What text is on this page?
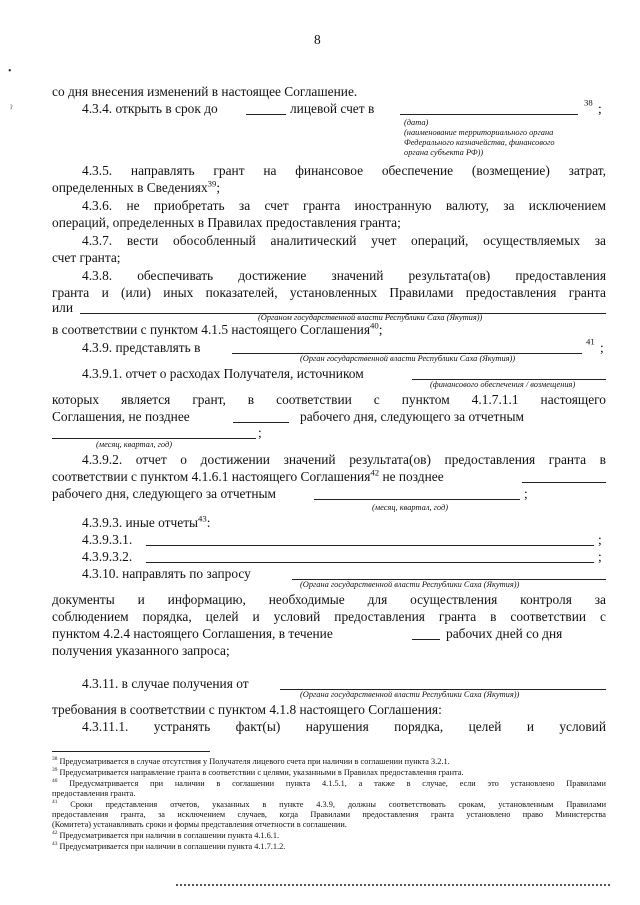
8
•
ˀ
со дня внесения изменений в настоящее Соглашение.
4.3.4. открыть в срок до	лицевой счет в	$^{38}$ ;
(дата)
(наименование территориального органа
Федерального казначейства, финансового
органа субъекта РФ))
4.3.5. направлять грант на финансовое обеспечение (возмещение) затрат,
определенных в Сведениях$^{39}$;
4.3.6. не приобретать за счет гранта иностранную валюту, за исключением
операций, определенных в Правилах предоставления гранта;
4.3.7. вести обособленный аналитический учет операций, осуществляемых за
счет гранта;
4.3.8. обеспечивать достижение значений результата(ов) предоставления
гранта и (или) иных показателей, установленных Правилами предоставления гранта
или
(Органом государственной власти Республики Саха (Якутия))
в соответствии с пунктом 4.1.5 настоящего Соглашения$^{40}$;
4.3.9. представлять в	$^{41}$ ;
(Орган государственной власти Республики Саха (Якутия))
4.3.9.1. отчет о расходах Получателя, источником
(финансового обеспечения / возмещения)
которых является грант, в соответствии с пунктом 4.1.7.1.1 настоящего
Соглашения, не позднее	рабочего дня, следующего за отчетным
;
(месяц, квартал, год)
4.3.9.2. отчет о достижении значений результата(ов) предоставления гранта в
соответствии с пунктом 4.1.6.1 настоящего Соглашения$^{42}$ не позднее
рабочего дня, следующего за отчетным	;
(месяц, квартал, год)
4.3.9.3. иные отчеты$^{43}$:
4.3.9.3.1.	;
4.3.9.3.2.	;
4.3.10. направлять по запросу
(Органа государственной власти Республики Саха (Якутия))
документы и информацию, необходимые для осуществления контроля за
соблюдением порядка, целей и условий предоставления гранта в соответствии с
пунктом 4.2.4 настоящего Соглашения, в течение	рабочих дней со дня
получения указанного запроса;
4.3.11. в случае получения от
(Органа государственной власти Республики Саха (Якутия))
требования в соответствии с пунктом 4.1.8 настоящего Соглашения:
4.3.11.1. устранять факт(ы) нарушения порядка, целей и условий
$^{38}$ Предусматривается в случае отсутствия у Получателя лицевого счета при наличии в соглашении пункта 3.2.1.
$^{39}$ Предусматривается направление гранта в соответствии с целями, указанными в Правилах предоставления гранта.
$^{40}$ Предусматривается при наличии в соглашении пункта 4.1.5.1, а также в случае, если это установлено Правилами
предоставления гранта.
$^{41}$ Сроки представления отчетов, указанных в пункте 4.3.9, должны соответствовать срокам, установленным Правилами
предоставления гранта, за исключением случаев, когда Правилами предоставления гранта установлено право Министерства
(Комитета) устанавливать сроки и формы представления отчетности в соглашении.
$^{42}$ Предусматривается при наличии в соглашении пункта 4.1.6.1.
$^{43}$ Предусматривается при наличии в соглашении пункта 4.1.7.1.2.
